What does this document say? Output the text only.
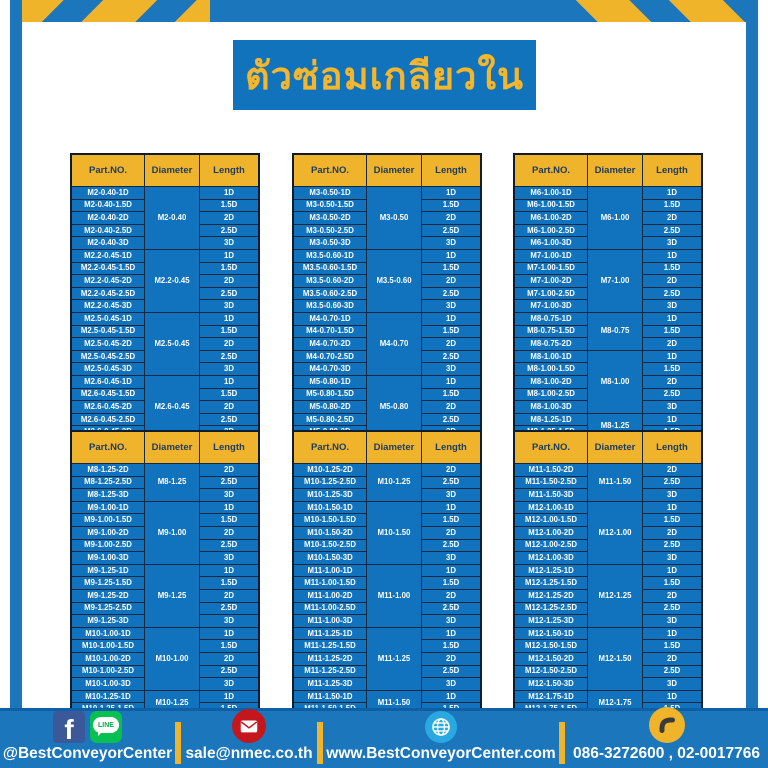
ตัวซ่อมเกลียวใน
Part.NO.	Diameter	Length
M2-0.40-1D	M2-0.40	1D
M2-0.40-1.5D		1.5D
M2-0.40-2D		2D
M2-0.40-2.5D		2.5D
M2-0.40-3D		3D
M2.2-0.45-1D	M2.2-0.45	1D
M2.2-0.45-1.5D		1.5D
M2.2-0.45-2D		2D
M2.2-0.45-2.5D		2.5D
M2.2-0.45-3D		3D
M2.5-0.45-1D	M2.5-0.45	1D
M2.5-0.45-1.5D		1.5D
M2.5-0.45-2D		2D
M2.5-0.45-2.5D		2.5D
M2.5-0.45-3D		3D
M2.6-0.45-1D	M2.6-0.45	1D
M2.6-0.45-1.5D		1.5D
M2.6-0.45-2D		2D
M2.6-0.45-2.5D		2.5D

Part.NO.	Diameter	Length
M3-0.50-1D	M3-0.50	1D
M3-0.50-1.5D		1.5D
M3-0.50-2D		2D
M3-0.50-2.5D		2.5D
M3-0.50-3D		3D
M3.5-0.60-1D	M3.5-0.60	1D
M3.5-0.60-1.5D		1.5D
M3.5-0.60-2D		2D
M3.5-0.60-2.5D		2.5D
M3.5-0.60-3D		3D
M4-0.70-1D	M4-0.70	1D
M4-0.70-1.5D		1.5D
M4-0.70-2D		2D
M4-0.70-2.5D		2.5D
M4-0.70-3D		3D
M5-0.80-1D	M5-0.80	1D
M5-0.80-1.5D		1.5D
M5-0.80-2D		2D
M5-0.80-2.5D		2.5D

Part.NO.	Diameter	Length
M6-1.00-1D	M6-1.00	1D
M6-1.00-1.5D		1.5D
M6-1.00-2D		2D
M6-1.00-2.5D		2.5D
M6-1.00-3D		3D
M7-1.00-1D	M7-1.00	1D
M7-1.00-1.5D		1.5D
M7-1.00-2D		2D
M7-1.00-2.5D		2.5D
M7-1.00-3D		3D
M8-0.75-1D	M8-0.75	1D
M8-0.75-1.5D		1.5D
M8-0.75-2D		2D
M8-1.00-1D	M8-1.00	1D
M8-1.00-1.5D		1.5D
M8-1.00-2D		2D
M8-1.00-2.5D		2.5D
M8-1.00-3D		3D
M8-1.25-1D	M8-1.25	1D

Part.NO.	Diameter	Length
M8-1.25-2D	M8-1.25	2D
M8-1.25-2.5D		2.5D
M8-1.25-3D		3D
M9-1.00-1D	M9-1.00	1D
M9-1.00-1.5D		1.5D
M9-1.00-2D		2D
M9-1.00-2.5D		2.5D
M9-1.00-3D		3D
M9-1.25-1D	M9-1.25	1D
M9-1.25-1.5D		1.5D
M9-1.25-2D		2D
M9-1.25-2.5D		2.5D
M9-1.25-3D		3D
M10-1.00-1D	M10-1.00	1D
M10-1.00-1.5D		1.5D
M10-1.00-2D		2D
M10-1.00-2.5D		2.5D
M10-1.00-3D		3D
M10-1.25-1D	M10-1.25	1D

Part.NO.	Diameter	Length
M10-1.25-2D	M10-1.25	2D
M10-1.25-2.5D		2.5D
M10-1.25-3D		3D
M10-1.50-1D	M10-1.50	1D
M10-1.50-1.5D		1.5D
M10-1.50-2D		2D
M10-1.50-2.5D		2.5D
M10-1.50-3D		3D
M11-1.00-1D	M11-1.00	1D
M11-1.00-1.5D		1.5D
M11-1.00-2D		2D
M11-1.00-2.5D		2.5D
M11-1.00-3D		3D
M11-1.25-1D	M11-1.25	1D
M11-1.25-1.5D		1.5D
M11-1.25-2D		2D
M11-1.25-2.5D		2.5D
M11-1.25-3D		3D
M11-1.50-1D	M11-1.50	1D

Part.NO.	Diameter	Length
M11-1.50-2D	M11-1.50	2D
M11-1.50-2.5D		2.5D
M11-1.50-3D		3D
M12-1.00-1D	M12-1.00	1D
M12-1.00-1.5D		1.5D
M12-1.00-2D		2D
M12-1.00-2.5D		2.5D
M12-1.00-3D		3D
M12-1.25-1D	M12-1.25	1D
M12-1.25-1.5D		1.5D
M12-1.25-2D		2D
M12-1.25-2.5D		2.5D
M12-1.25-3D		3D
M12-1.50-1D	M12-1.50	1D
M12-1.50-1.5D		1.5D
M12-1.50-2D		2D
M12-1.50-2.5D		2.5D
M12-1.50-3D		3D
M12-1.75-1D	M12-1.75	1D

f	LINE
@BestConveyorCenter sale@nmec.co.th www.BestConveyorCenter.com 086-3272600 , 02-0017766
